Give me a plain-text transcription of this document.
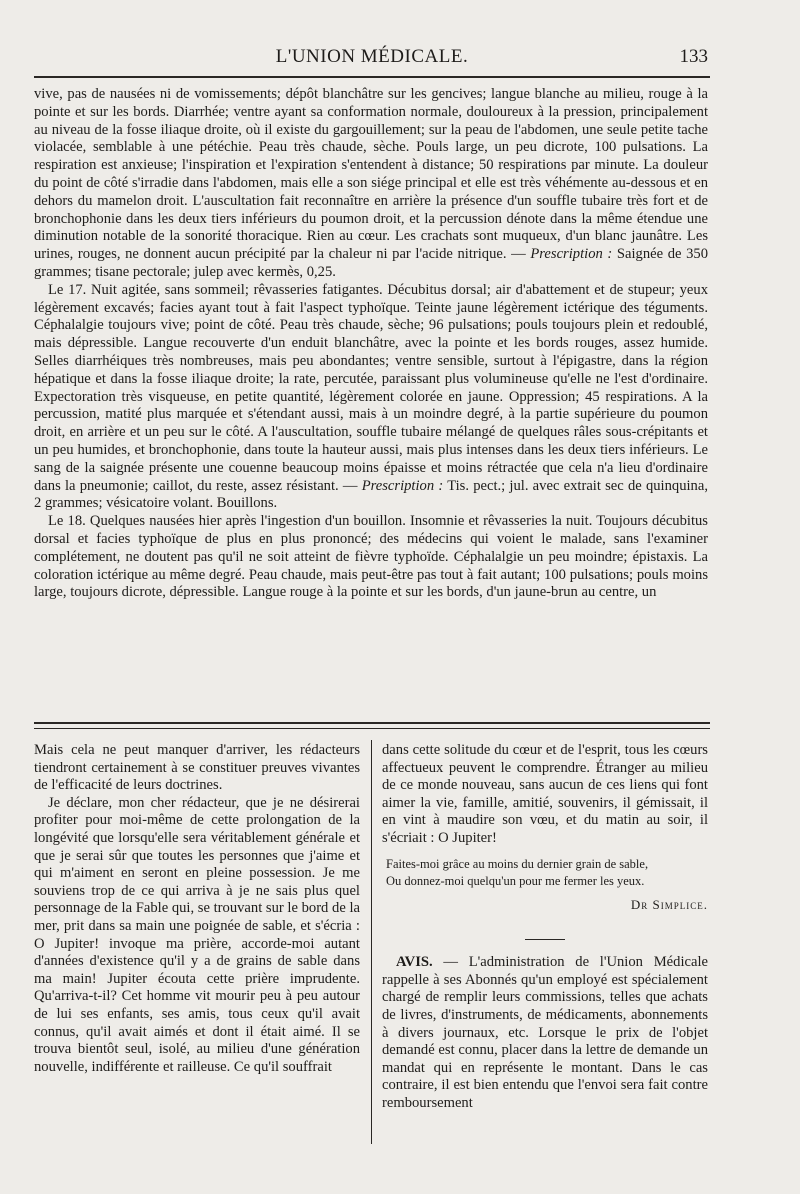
L'UNION MÉDICALE.	133

vive, pas de nausées ni de vomissements; dépôt blanchâtre sur les gencives; langue blanche au milieu, rouge à la pointe et sur les bords. Diarrhée; ventre ayant sa conformation normale, douloureux à la pression, principalement au niveau de la fosse iliaque droite, où il existe du gargouillement; sur la peau de l'abdomen, une seule petite tache violacée, semblable à une pétéchie. Peau très chaude, sèche. Pouls large, un peu dicrote, 100 pulsations. La respiration est anxieuse; l'inspiration et l'expiration s'entendent à distance; 50 respirations par minute. La douleur du point de côté s'irradie dans l'abdomen, mais elle a son siége principal et elle est très véhémente au-dessous et en dehors du mamelon droit. L'auscultation fait reconnaître en arrière la présence d'un souffle tubaire très fort et de bronchophonie dans les deux tiers inférieurs du poumon droit, et la percussion dénote dans la même étendue une diminution notable de la sonorité thoracique. Rien au cœur. Les crachats sont muqueux, d'un blanc jaunâtre. Les urines, rouges, ne donnent aucun précipité par la chaleur ni par l'acide nitrique. — Prescription : Saignée de 350 grammes; tisane pectorale; julep avec kermès, 0,25.

Le 17. Nuit agitée, sans sommeil; rêvasseries fatigantes. Décubitus dorsal; air d'abattement et de stupeur; yeux légèrement excavés; facies ayant tout à fait l'aspect typhoïque. Teinte jaune légèrement ictérique des téguments. Céphalalgie toujours vive; point de côté. Peau très chaude, sèche; 96 pulsations; pouls toujours plein et redoublé, mais dépressible. Langue recouverte d'un enduit blanchâtre, avec la pointe et les bords rouges, assez humide. Selles diarrhéiques très nombreuses, mais peu abondantes; ventre sensible, surtout à l'épigastre, dans la région hépatique et dans la fosse iliaque droite; la rate, percutée, paraissant plus volumineuse qu'elle ne l'est d'ordinaire. Expectoration très visqueuse, en petite quantité, légèrement colorée en jaune. Oppression; 45 respirations. A la percussion, matité plus marquée et s'étendant aussi, mais à un moindre degré, à la partie supérieure du poumon droit, en arrière et un peu sur le côté. A l'auscultation, souffle tubaire mélangé de quelques râles sous-crépitants et un peu humides, et bronchophonie, dans toute la hauteur aussi, mais plus intenses dans les deux tiers inférieurs. Le sang de la saignée présente une couenne beaucoup moins épaisse et moins rétractée que cela n'a lieu d'ordinaire dans la pneumonie; caillot, du reste, assez résistant. — Prescription : Tis. pect.; jul. avec extrait sec de quinquina, 2 grammes; vésicatoire volant. Bouillons.

Le 18. Quelques nausées hier après l'ingestion d'un bouillon. Insomnie et rêvasseries la nuit. Toujours décubitus dorsal et facies typhoïque de plus en plus prononcé; des médecins qui voient le malade, sans l'examiner complétement, ne doutent pas qu'il ne soit atteint de fièvre typhoïde. Céphalalgie un peu moindre; épistaxis. La coloration ictérique au même degré. Peau chaude, mais peut-être pas tout à fait autant; 100 pulsations; pouls moins large, toujours dicrote, dépressible. Langue rouge à la pointe et sur les bords, d'un jaune-brun au centre, un

Mais cela ne peut manquer d'arriver, les rédacteurs tiendront certainement à se constituer preuves vivantes de l'efficacité de leurs doctrines.

Je déclare, mon cher rédacteur, que je ne désirerai profiter pour moi-même de cette prolongation de la longévité que lorsqu'elle sera véritablement générale et que je serai sûr que toutes les personnes que j'aime et qui m'aiment en seront en pleine possession. Je me souviens trop de ce qui arriva à je ne sais plus quel personnage de la Fable qui, se trouvant sur le bord de la mer, prit dans sa main une poignée de sable, et s'écria : O Jupiter! invoque ma prière, accorde-moi autant d'années d'existence qu'il y a de grains de sable dans ma main! Jupiter écouta cette prière imprudente. Qu'arriva-t-il? Cet homme vit mourir peu à peu autour de lui ses enfants, ses amis, tous ceux qu'il avait connus, qu'il avait aimés et dont il était aimé. Il se trouva bientôt seul, isolé, au milieu d'une génération nouvelle, indifférente et railleuse. Ce qu'il souffrait

dans cette solitude du cœur et de l'esprit, tous les cœurs affectueux peuvent le comprendre. Étranger au milieu de ce monde nouveau, sans aucun de ces liens qui font aimer la vie, famille, amitié, souvenirs, il gémissait, il en vint à maudire son vœu, et du matin au soir, il s'écriait : O Jupiter!

Faites-moi grâce au moins du dernier grain de sable,
Ou donnez-moi quelqu'un pour me fermer les yeux.

Dr Simplice.

AVIS. — L'administration de l'Union Médicale rappelle à ses Abonnés qu'un employé est spécialement chargé de remplir leurs commissions, telles que achats de livres, d'instruments, de médicaments, abonnements à divers journaux, etc. Lorsque le prix de l'objet demandé est connu, placer dans la lettre de demande un mandat qui en représente le montant. Dans le cas contraire, il est bien entendu que l'envoi sera fait contre remboursement
